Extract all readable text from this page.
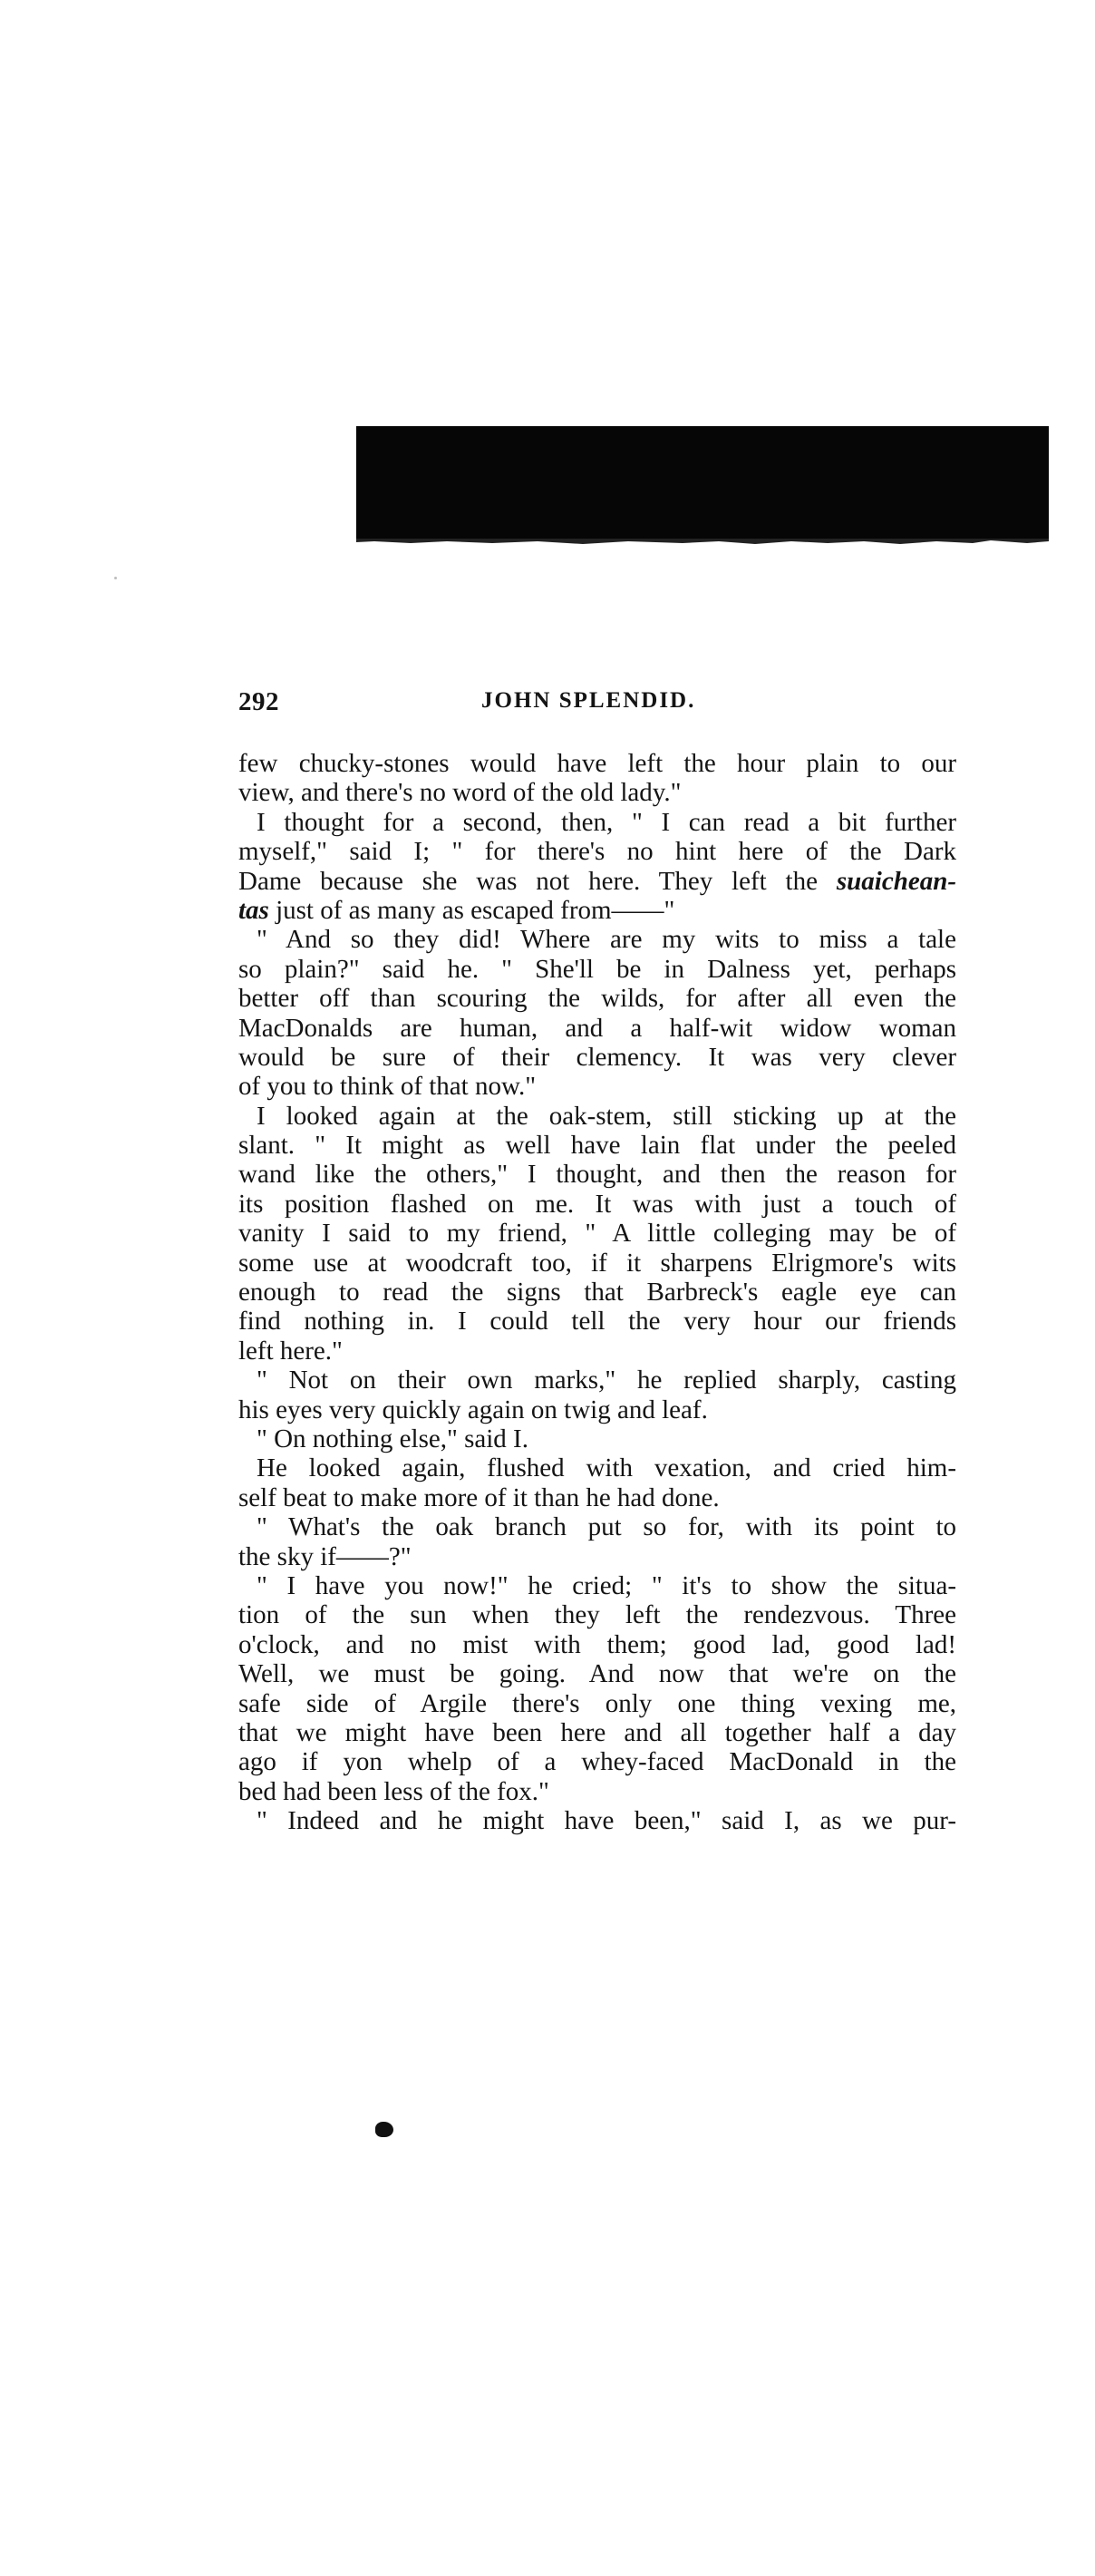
292	JOHN SPLENDID.
few chucky-stones would have left the hour plain to our
view, and there's no word of the old lady."
I thought for a second, then, " I can read a bit further
myself," said I; " for there's no hint here of the Dark
Dame because she was not here. They left the suaichean-
tas just of as many as escaped from——"
" And so they did! Where are my wits to miss a tale
so plain?" said he. " She'll be in Dalness yet, perhaps
better off than scouring the wilds, for after all even the
MacDonalds are human, and a half-wit widow woman
would be sure of their clemency. It was very clever
of you to think of that now."
I looked again at the oak-stem, still sticking up at the
slant. " It might as well have lain flat under the peeled
wand like the others," I thought, and then the reason for
its position flashed on me. It was with just a touch of
vanity I said to my friend, " A little colleging may be of
some use at woodcraft too, if it sharpens Elrigmore's wits
enough to read the signs that Barbreck's eagle eye can
find nothing in. I could tell the very hour our friends
left here."
" Not on their own marks," he replied sharply, casting
his eyes very quickly again on twig and leaf.
" On nothing else," said I.
He looked again, flushed with vexation, and cried him-
self beat to make more of it than he had done.
" What's the oak branch put so for, with its point to
the sky if——?"
" I have you now!" he cried; " it's to show the situa-
tion of the sun when they left the rendezvous. Three
o'clock, and no mist with them; good lad, good lad!
Well, we must be going. And now that we're on the
safe side of Argile there's only one thing vexing me,
that we might have been here and all together half a day
ago if yon whelp of a whey-faced MacDonald in the
bed had been less of the fox."
" Indeed and he might have been," said I, as we pur-
